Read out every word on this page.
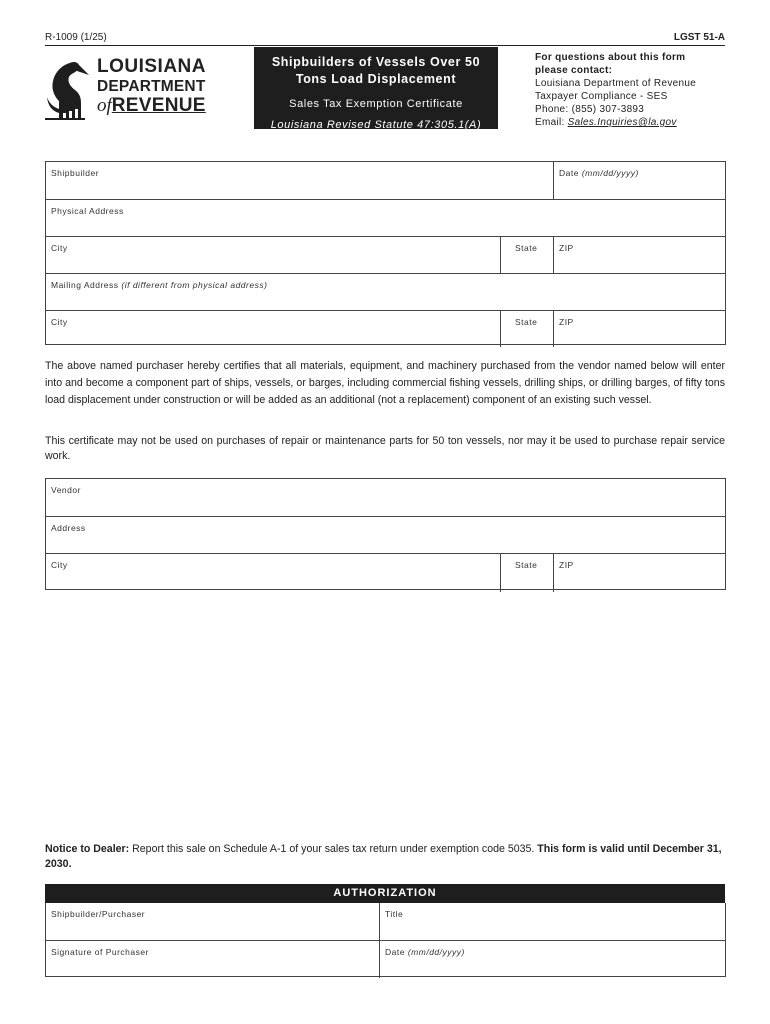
R-1009 (1/25)	LGST 51-A
LOUISIANA
DEPARTMENT
ofREVENUE
Shipbuilders of Vessels Over 50
Tons Load Displacement
Sales Tax Exemption Certificate
Louisiana Revised Statute 47:305.1(A)
For questions about this form
please contact:
Louisiana Department of Revenue
Taxpayer Compliance - SES
Phone: (855) 307-3893
Email: Sales.Inquiries@la.gov
Shipbuilder	Date (mm/dd/yyyy)
Physical Address
City	State	ZIP
Mailing Address (if different from physical address)
City	State	ZIP
The above named purchaser hereby certifies that all materials, equipment, and machinery purchased from the vendor named below will enter into and become a component part of ships, vessels, or barges, including commercial fishing vessels, drilling ships, or drilling barges, of fifty tons load displacement under construction or will be added as an additional (not a replacement) component of an existing such vessel.
This certificate may not be used on purchases of repair or maintenance parts for 50 ton vessels, nor may it be used to purchase repair service work.
Vendor
Address
City	State	ZIP
Notice to Dealer: Report this sale on Schedule A-1 of your sales tax return under exemption code 5035. This form is valid until December 31, 2030.
AUTHORIZATION
Shipbuilder/Purchaser	Title
Signature of Purchaser	Date (mm/dd/yyyy)
